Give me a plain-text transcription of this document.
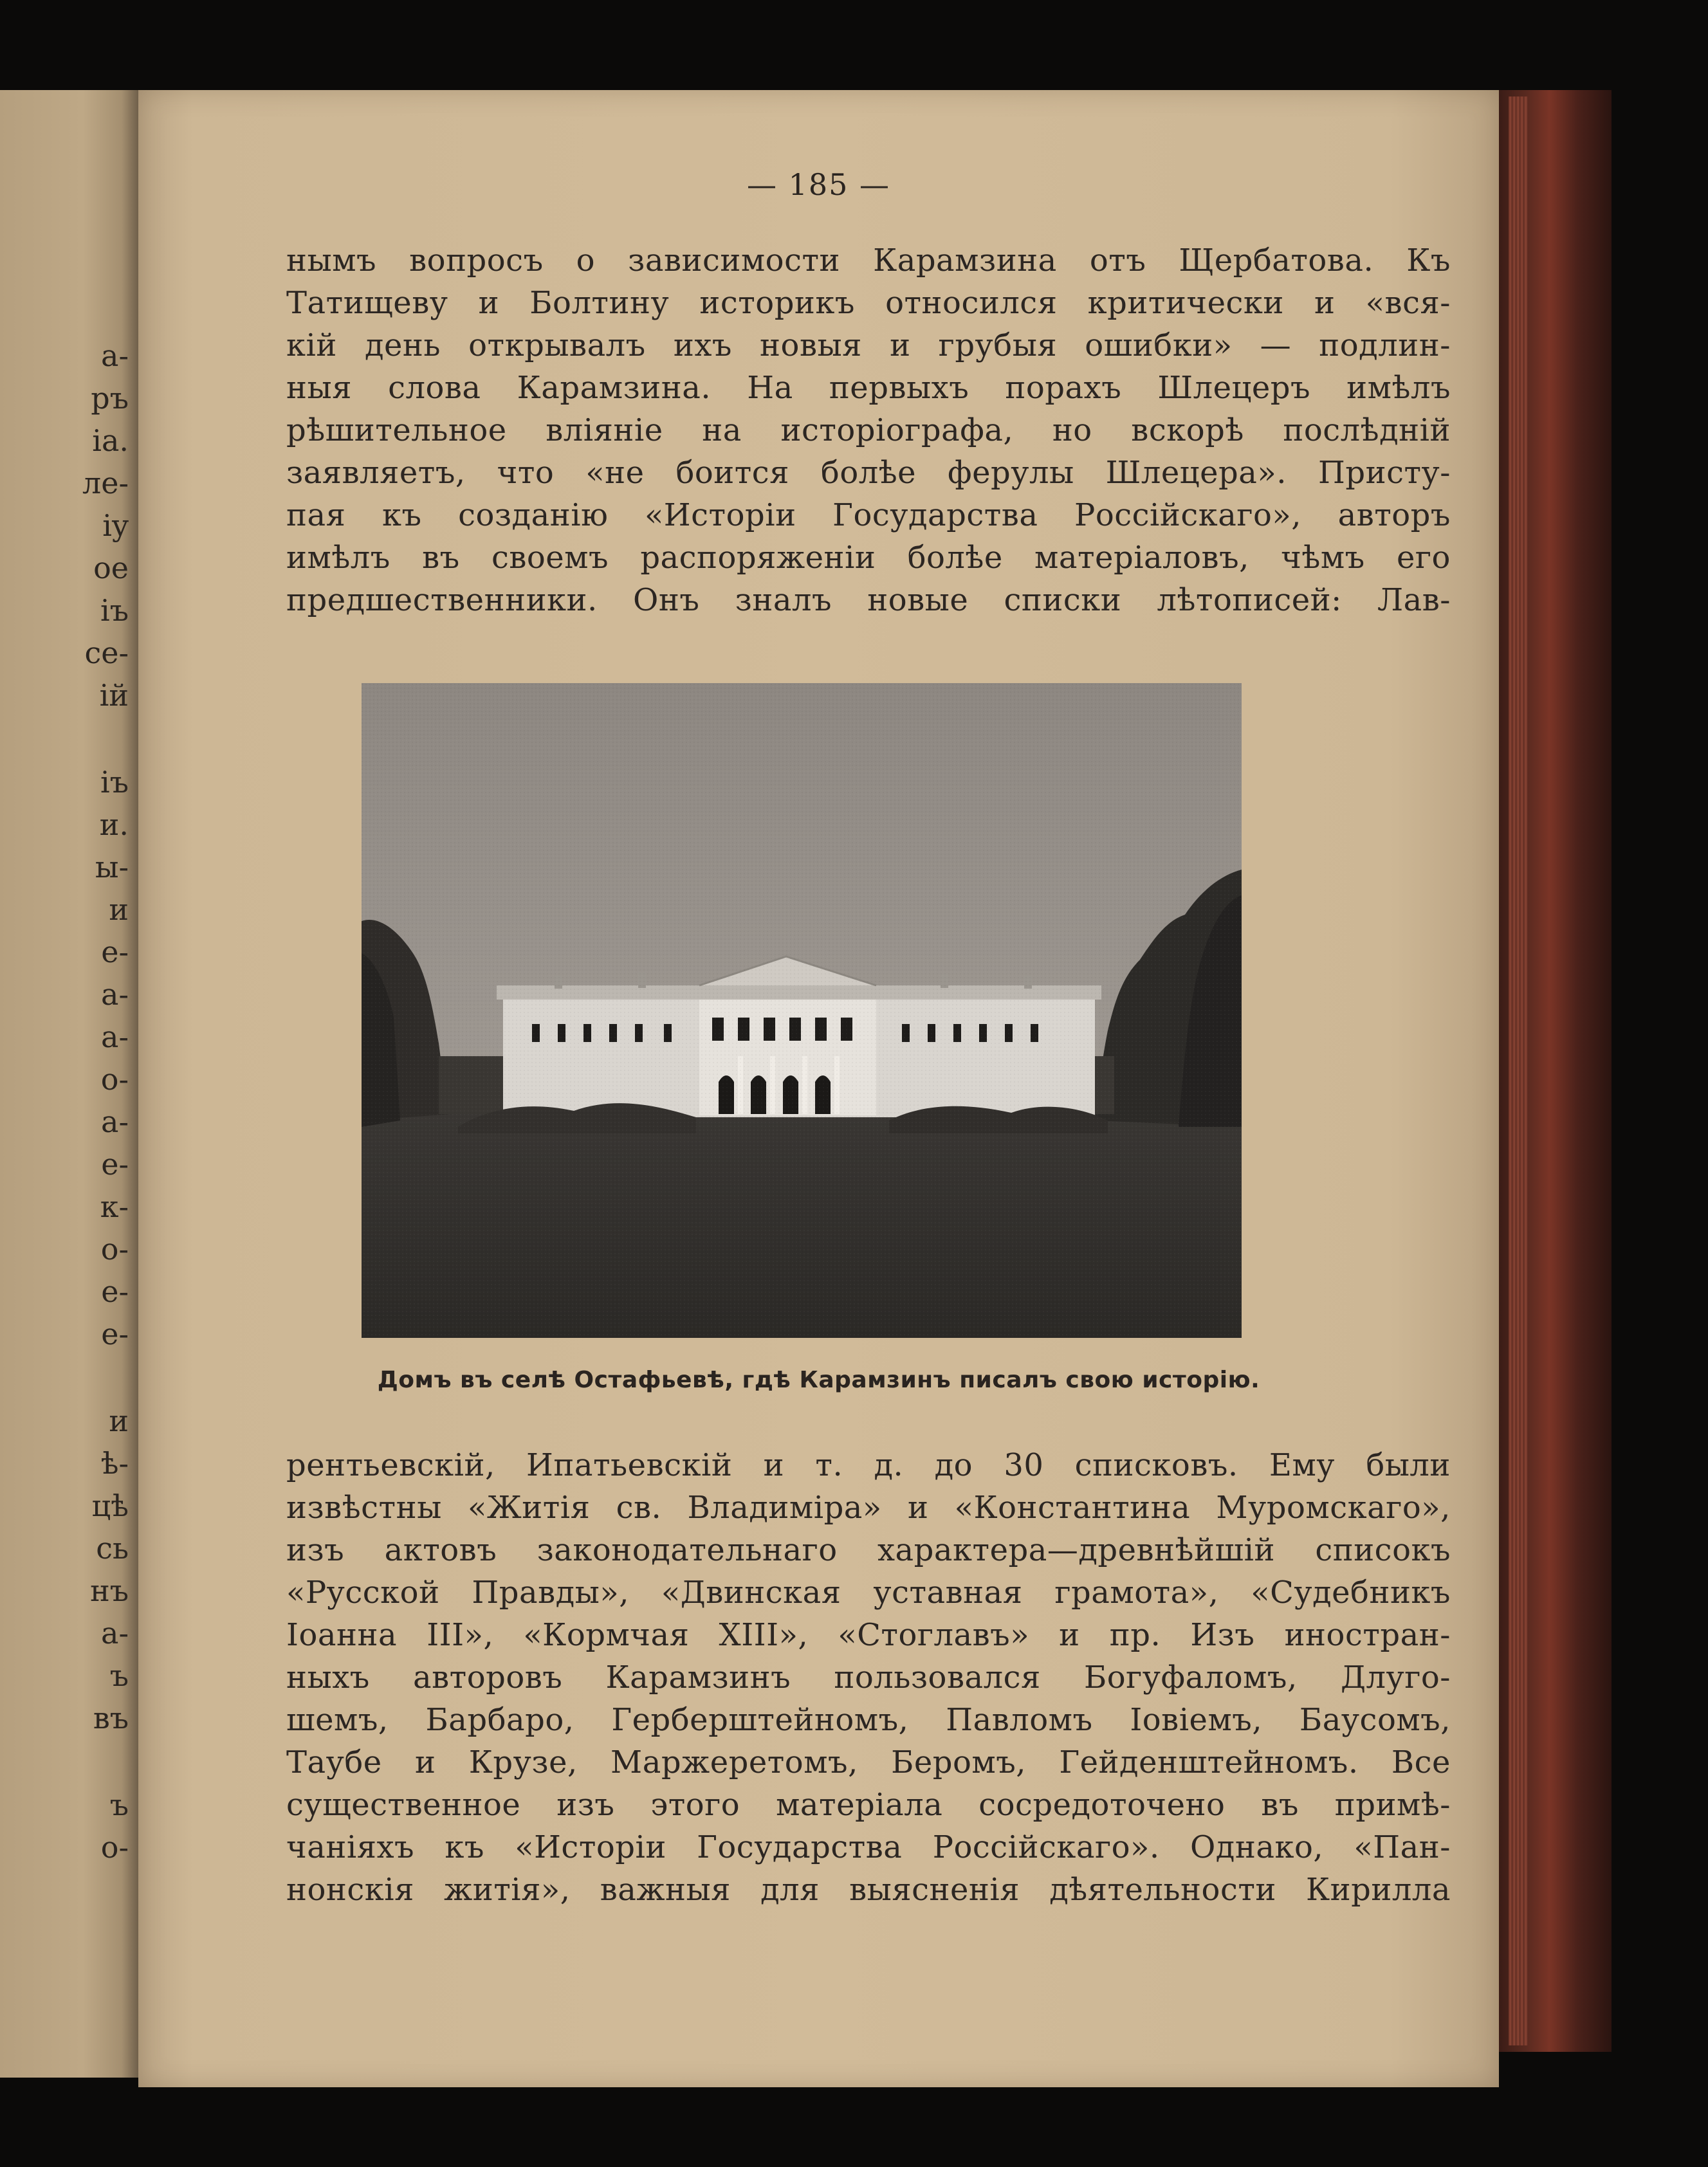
а-
ръ
іа.
ле-
iy
ое
іъ
се-
ій
іъ
и.
ы-
и
е-
а-
а-
о-
а-
е-
к-
о-
е-
е-
и
ѣ-
цѣ
сь
нъ
а-
ъ
въ
ъ
о-
— 185 —
нымъ вопросъ о зависимости Карамзина отъ Щербатова. Къ
Татищеву и Болтину историкъ относился критически и «вся-
кій день открывалъ ихъ новыя и грубыя ошибки» — подлин-
ныя слова Карамзина. На первыхъ порахъ Шлецеръ имѣлъ
рѣшительное вліяніе на исторіографа, но вскорѣ послѣдній
заявляетъ, что «не боится болѣе ферулы Шлецера». Присту-
пая къ созданію «Исторіи Государства Россійскаго», авторъ
имѣлъ въ своемъ распоряженіи болѣе матеріаловъ, чѣмъ его
предшественники. Онъ зналъ новые списки лѣтописей: Лав-
Домъ въ селѣ Остафьевѣ, гдѣ Карамзинъ писалъ свою исторію.
рентьевскій, Ипатьевскій и т. д. до 30 списковъ. Ему были
извѣстны «Житія св. Владиміра» и «Константина Муромскаго»,
изъ актовъ законодательнаго характера—древнѣйшій списокъ
«Русской Правды», «Двинская уставная грамота», «Судебникъ
Іоанна III», «Кормчая XIII», «Стоглавъ» и пр. Изъ иностран-
ныхъ авторовъ Карамзинъ пользовался Богуфаломъ, Длуго-
шемъ, Барбаро, Герберштейномъ, Павломъ Іовіемъ, Баусомъ,
Таубе и Крузе, Маржеретомъ, Беромъ, Гейденштейномъ. Все
существенное изъ этого матеріала сосредоточено въ примѣ-
чаніяхъ къ «Исторіи Государства Россійскаго». Однако, «Пан-
нонскія житія», важныя для выясненія дѣятельности Кирилла
